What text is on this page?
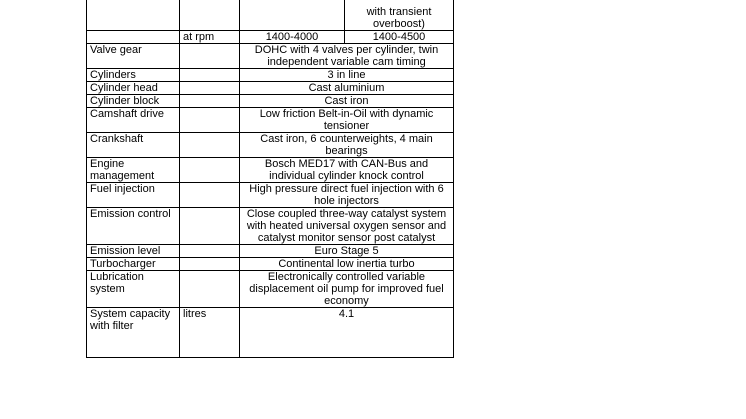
			with transient overboost)
	at rpm	1400-4000	1400-4500
Valve gear		DOHC with 4 valves per cylinder, twin independent variable cam timing	
Cylinders		3 in line	
Cylinder head		Cast aluminium	
Cylinder block		Cast iron	
Camshaft drive		Low friction Belt-in-Oil with dynamic tensioner	
Crankshaft		Cast iron, 6 counterweights, 4 main bearings	
Engine management		Bosch MED17 with CAN-Bus and individual cylinder knock control	
Fuel injection		High pressure direct fuel injection with 6 hole injectors	
Emission control		Close coupled three-way catalyst system with heated universal oxygen sensor and catalyst monitor sensor post catalyst	
Emission level		Euro Stage 5	
Turbocharger		Continental low inertia turbo	
Lubrication system		Electronically controlled variable displacement oil pump for improved fuel economy	
System capacity with filter	litres	4.1	
